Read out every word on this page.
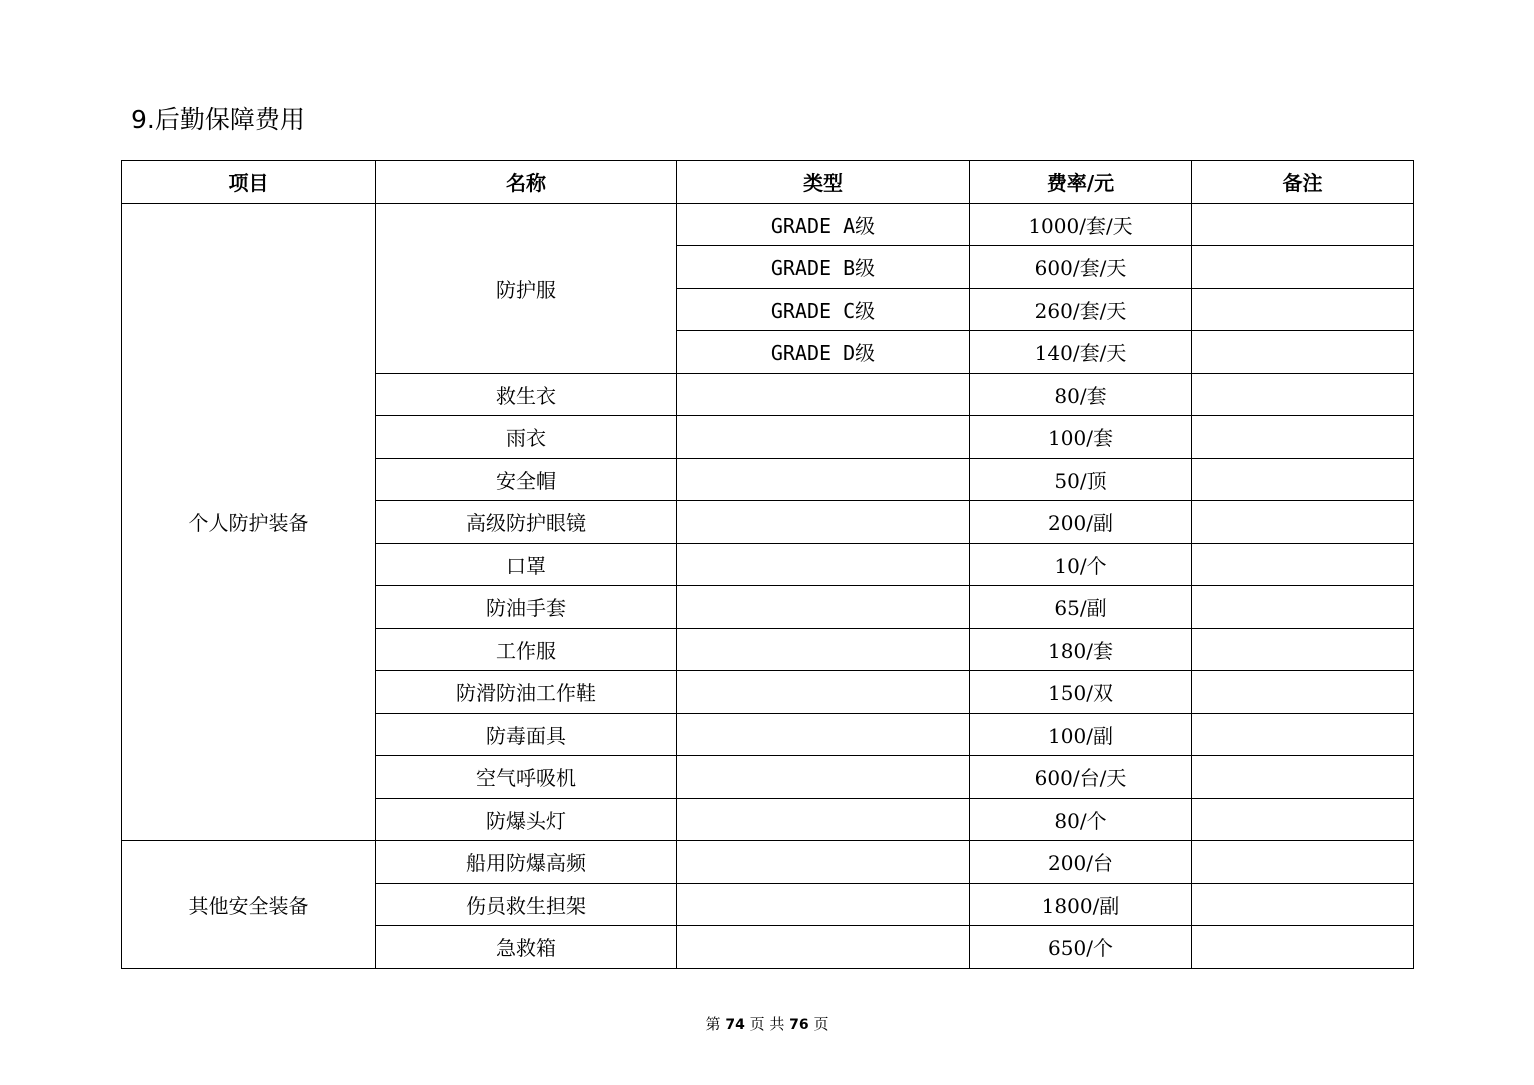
9.后勤保障费用
项目	名称	类型	费率/元	备注
个人防护装备	防护服	GRADE A级	1000/套/天	
		GRADE B级	600/套/天	
		GRADE C级	260/套/天	
		GRADE D级	140/套/天	
	救生衣		80/套	
	雨衣		100/套	
	安全帽		50/顶	
	高级防护眼镜		200/副	
	口罩		10/个	
	防油手套		65/副	
	工作服		180/套	
	防滑防油工作鞋		150/双	
	防毒面具		100/副	
	空气呼吸机		600/台/天	
	防爆头灯		80/个	
其他安全装备	船用防爆高频		200/台	
	伤员救生担架		1800/副	
	急救箱		650/个	
第 74 页 共 76 页
